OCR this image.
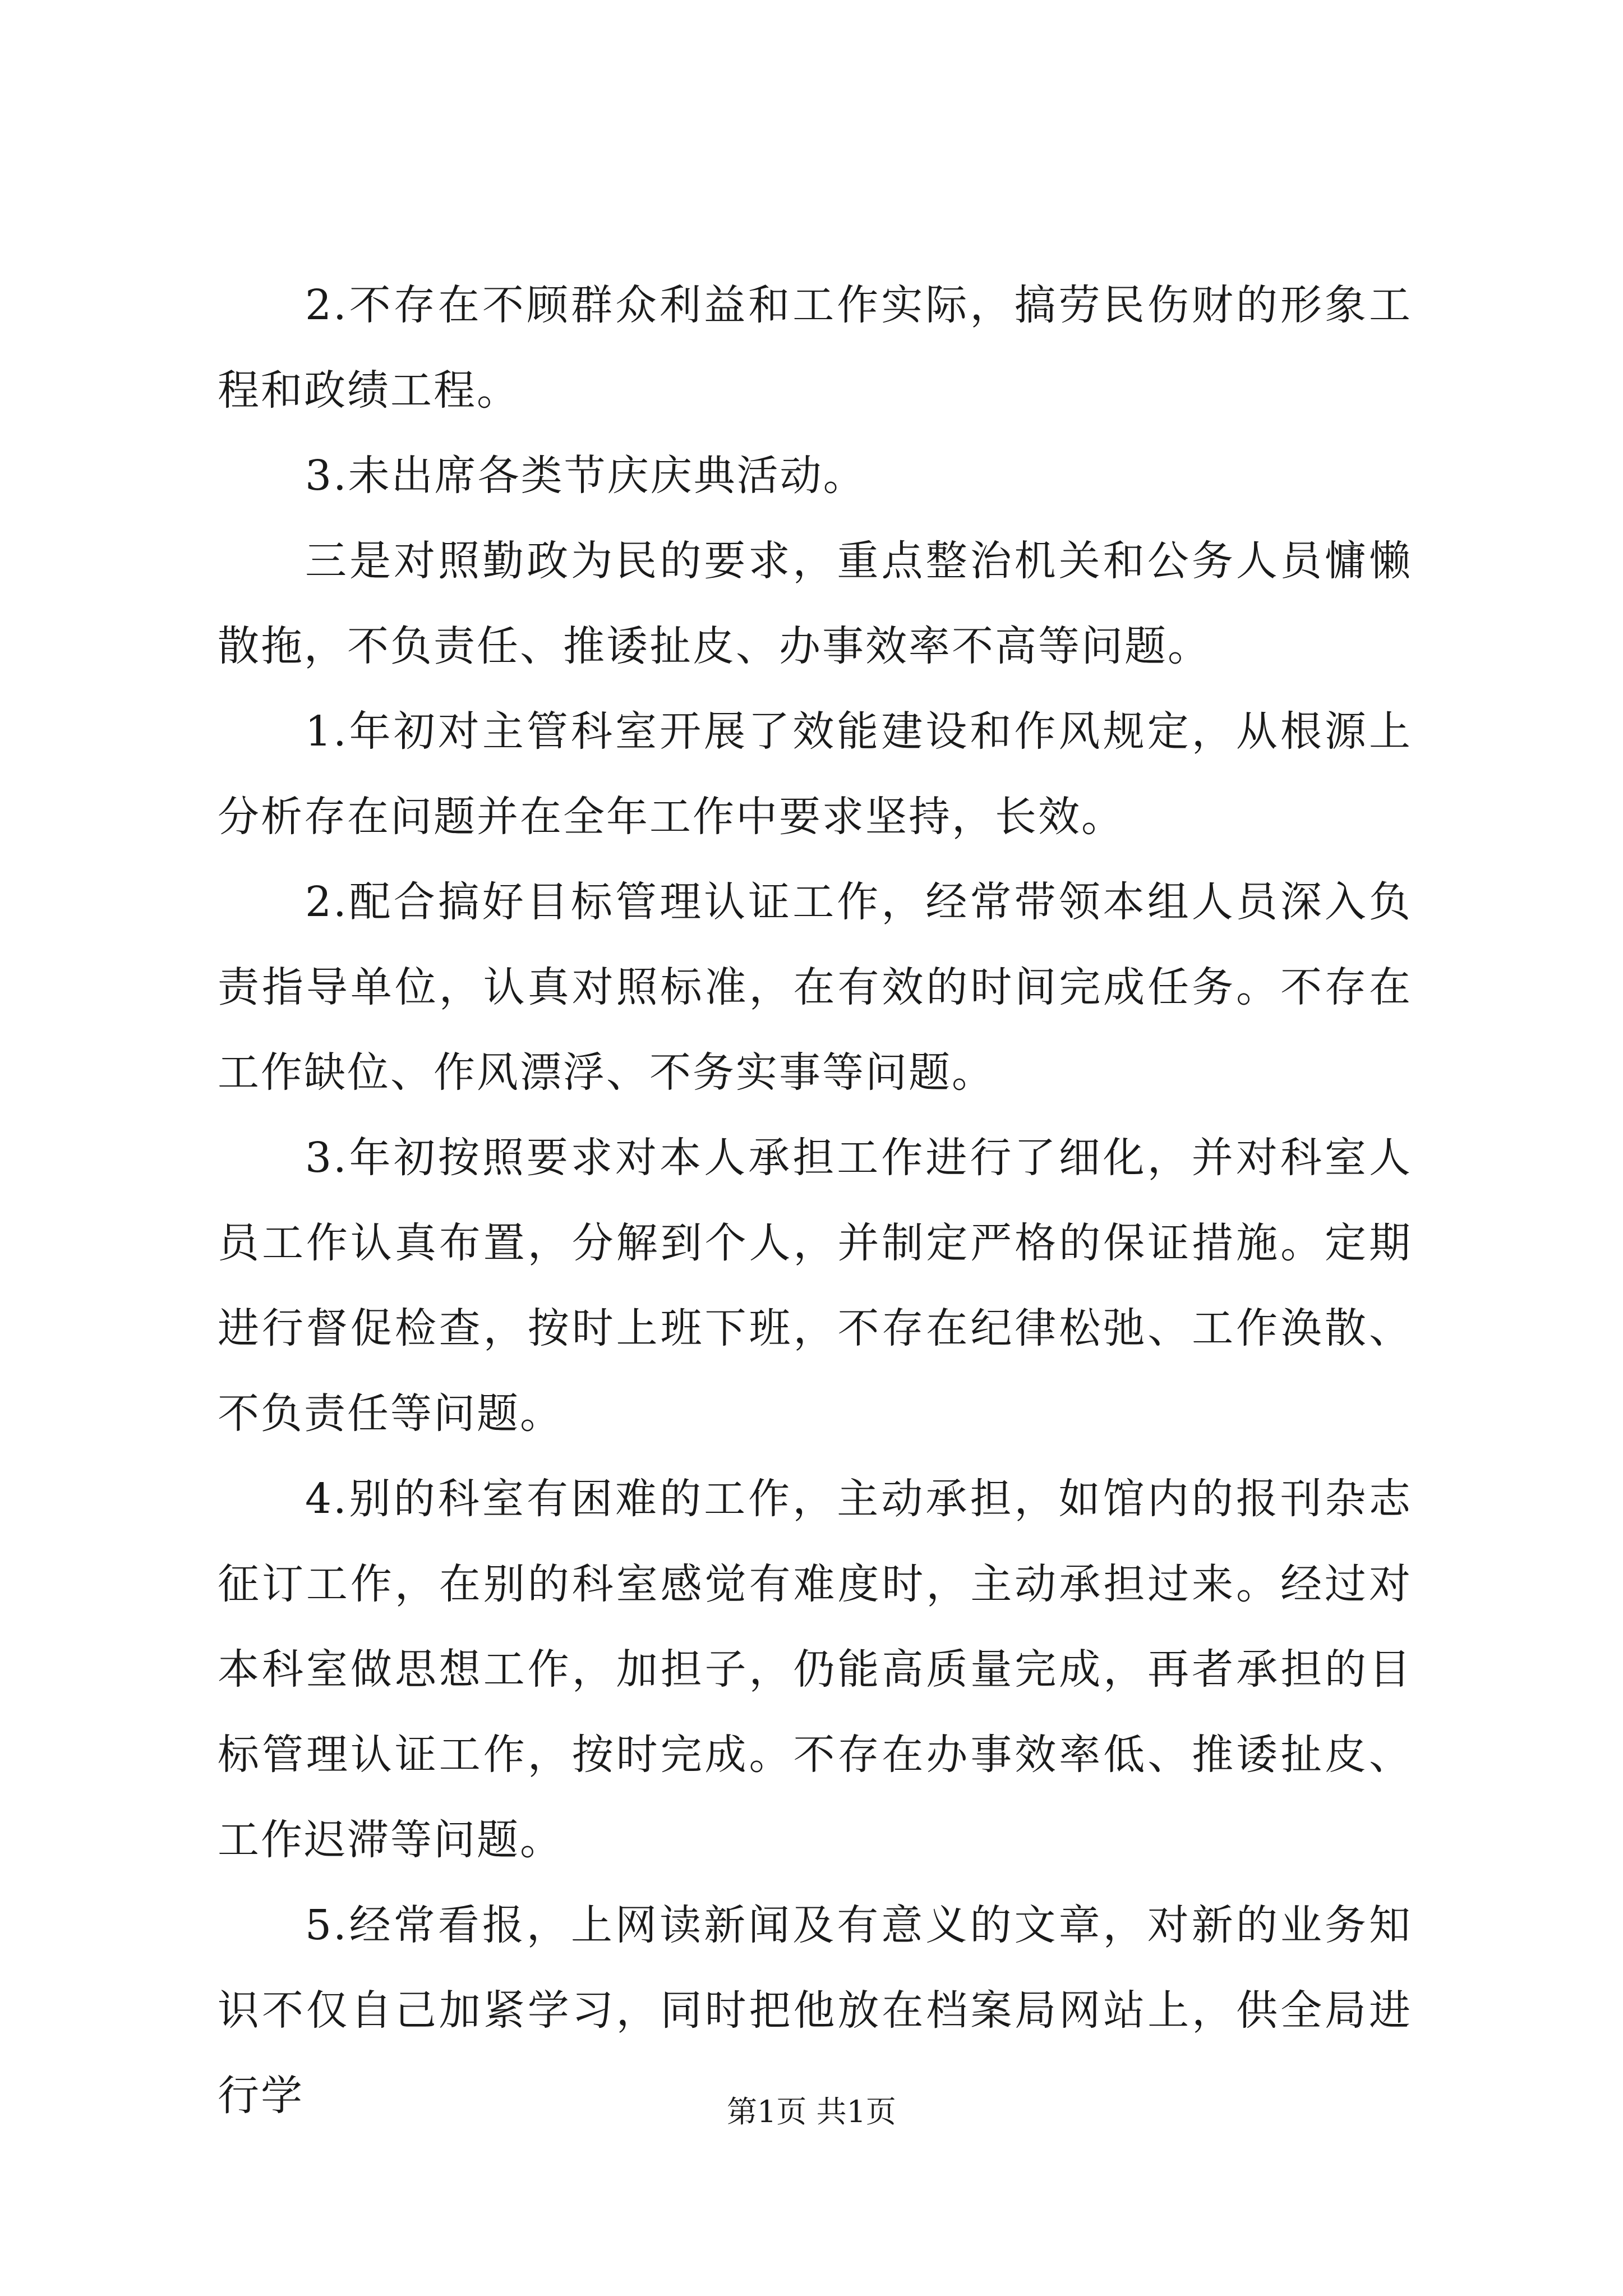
2.不存在不顾群众利益和工作实际，搞劳民伤财的形象工程和政绩工程。

3.未出席各类节庆庆典活动。

三是对照勤政为民的要求，重点整治机关和公务人员慵懒散拖，不负责任、推诿扯皮、办事效率不高等问题。

1.年初对主管科室开展了效能建设和作风规定，从根源上分析存在问题并在全年工作中要求坚持，长效。

2.配合搞好目标管理认证工作，经常带领本组人员深入负责指导单位，认真对照标准，在有效的时间完成任务。不存在工作缺位、作风漂浮、不务实事等问题。

3.年初按照要求对本人承担工作进行了细化，并对科室人员工作认真布置，分解到个人，并制定严格的保证措施。定期进行督促检查，按时上班下班，不存在纪律松弛、工作涣散、不负责任等问题。

4.别的科室有困难的工作，主动承担，如馆内的报刊杂志征订工作，在别的科室感觉有难度时，主动承担过来。经过对本科室做思想工作，加担子，仍能高质量完成，再者承担的目标管理认证工作，按时完成。不存在办事效率低、推诿扯皮、工作迟滞等问题。

5.经常看报，上网读新闻及有意义的文章，对新的业务知识不仅自己加紧学习，同时把他放在档案局网站上，供全局进行学	第1页 共1页
